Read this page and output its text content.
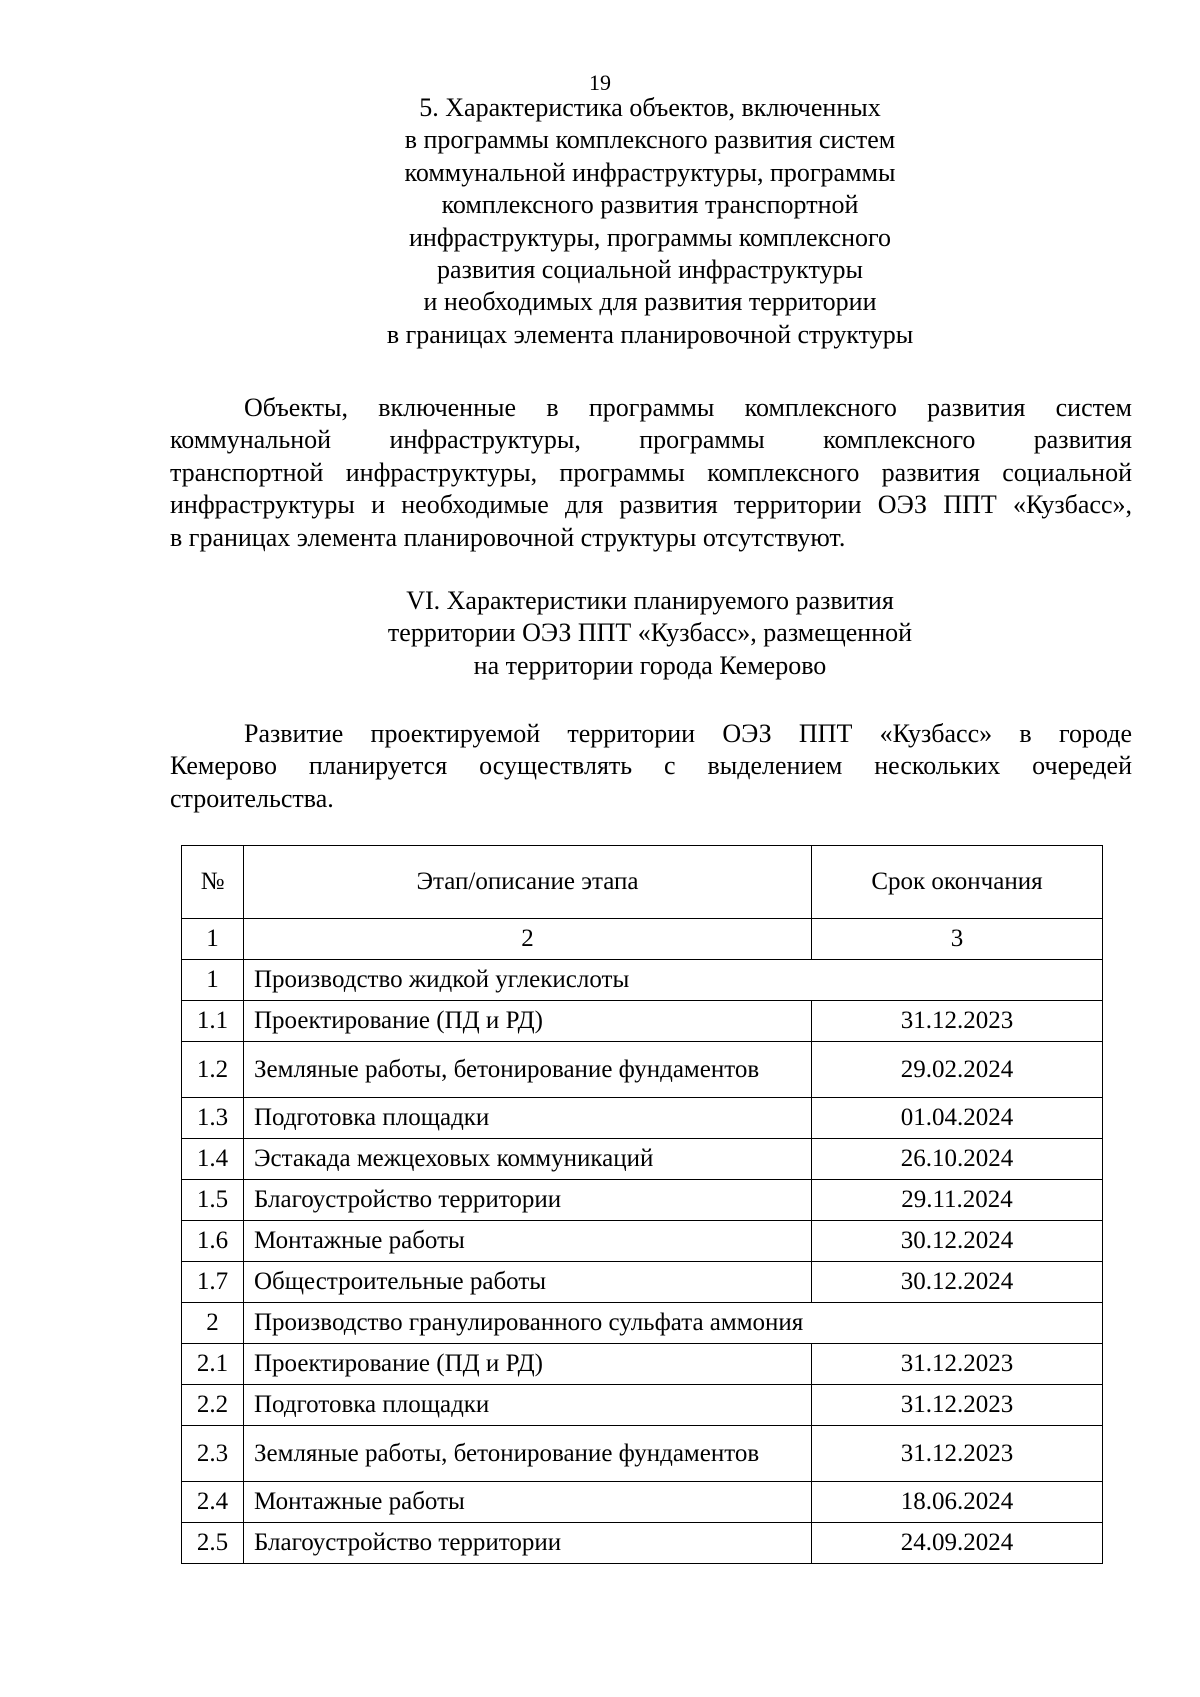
19
5. Характеристика объектов, включенных
в программы комплексного развития систем
коммунальной инфраструктуры, программы
комплексного развития транспортной
инфраструктуры, программы комплексного
развития социальной инфраструктуры
и необходимых для развития территории
в границах элемента планировочной структуры
Объекты, включенные в программы комплексного развития систем
коммунальной инфраструктуры, программы комплексного развития
транспортной инфраструктуры, программы комплексного развития социальной
инфраструктуры и необходимые для развития территории ОЭЗ ППТ «Кузбасс»,
в границах элемента планировочной структуры отсутствуют.
VI. Характеристики планируемого развития
территории ОЭЗ ППТ «Кузбасс», размещенной
на территории города Кемерово
Развитие проектируемой территории ОЭЗ ППТ «Кузбасс» в городе
Кемерово планируется осуществлять с выделением нескольких очередей
строительства.
№	Этап/описание этапа	Срок окончания
1	2	3
1	Производство жидкой углекислоты	
1.1	Проектирование (ПД и РД)	31.12.2023
1.2	Земляные работы, бетонирование фундаментов	29.02.2024
1.3	Подготовка площадки	01.04.2024
1.4	Эстакада межцеховых коммуникаций	26.10.2024
1.5	Благоустройство территории	29.11.2024
1.6	Монтажные работы	30.12.2024
1.7	Общестроительные работы	30.12.2024
2	Производство гранулированного сульфата аммония	
2.1	Проектирование (ПД и РД)	31.12.2023
2.2	Подготовка площадки	31.12.2023
2.3	Земляные работы, бетонирование фундаментов	31.12.2023
2.4	Монтажные работы	18.06.2024
2.5	Благоустройство территории	24.09.2024
